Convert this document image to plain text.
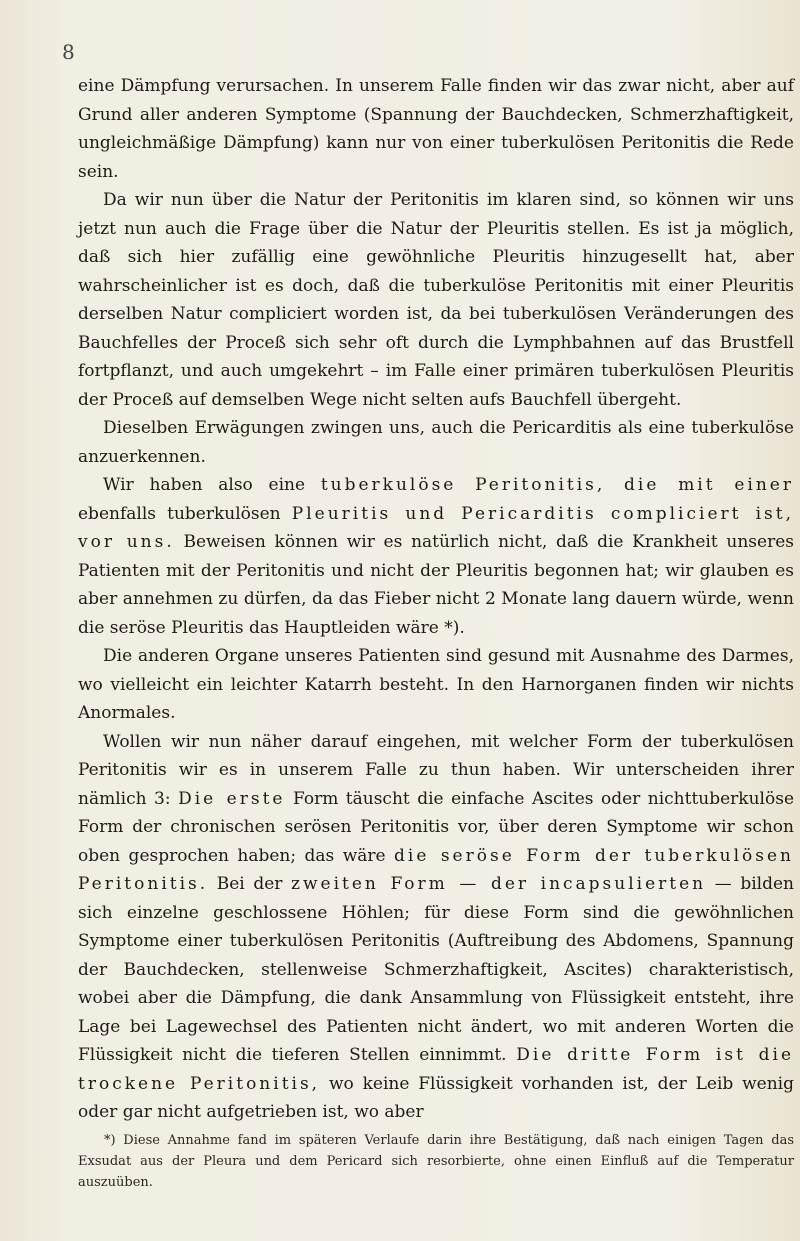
8

eine Dämpfung verursachen. In unserem Falle finden wir das zwar nicht, aber auf Grund aller anderen Symptome (Spannung der Bauchdecken, Schmerzhaftigkeit, ungleichmäßige Dämpfung) kann nur von einer tuberkulösen Peritonitis die Rede sein.

Da wir nun über die Natur der Peritonitis im klaren sind, so können wir uns jetzt nun auch die Frage über die Natur der Pleuritis stellen. Es ist ja möglich, daß sich hier zufällig eine gewöhnliche Pleuritis hinzugesellt hat, aber wahrscheinlicher ist es doch, daß die tuberkulöse Peritonitis mit einer Pleuritis derselben Natur compliciert worden ist, da bei tuberkulösen Veränderungen des Bauchfelles der Proceß sich sehr oft durch die Lymphbahnen auf das Brustfell fortpflanzt, und auch umgekehrt – im Falle einer primären tuberkulösen Pleuritis der Proceß auf demselben Wege nicht selten aufs Bauchfell übergeht.

Dieselben Erwägungen zwingen uns, auch die Pericarditis als eine tuberkulöse anzuerkennen.

Wir haben also eine tuberkulöse Peritonitis, die mit einer ebenfalls tuberkulösen Pleuritis und Pericarditis compliciert ist, vor uns. Beweisen können wir es natürlich nicht, daß die Krankheit unseres Patienten mit der Peritonitis und nicht der Pleuritis begonnen hat; wir glauben es aber annehmen zu dürfen, da das Fieber nicht 2 Monate lang dauern würde, wenn die seröse Pleuritis das Hauptleiden wäre *).

Die anderen Organe unseres Patienten sind gesund mit Ausnahme des Darmes, wo vielleicht ein leichter Katarrh besteht. In den Harnorganen finden wir nichts Anormales.

Wollen wir nun näher darauf eingehen, mit welcher Form der tuberkulösen Peritonitis wir es in unserem Falle zu thun haben. Wir unterscheiden ihrer nämlich 3: Die erste Form täuscht die einfache Ascites oder nichttuberkulöse Form der chronischen serösen Peritonitis vor, über deren Symptome wir schon oben gesprochen haben; das wäre die seröse Form der tuberkulösen Peritonitis. Bei der zweiten Form — der incapsulierten — bilden sich einzelne geschlossene Höhlen; für diese Form sind die gewöhnlichen Symptome einer tuberkulösen Peritonitis (Auftreibung des Abdomens, Spannung der Bauchdecken, stellenweise Schmerzhaftigkeit, Ascites) charakteristisch, wobei aber die Dämpfung, die dank Ansammlung von Flüssigkeit entsteht, ihre Lage bei Lagewechsel des Patienten nicht ändert, wo mit anderen Worten die Flüssigkeit nicht die tieferen Stellen einnimmt. Die dritte Form ist die trockene Peritonitis, wo keine Flüssigkeit vorhanden ist, der Leib wenig oder gar nicht aufgetrieben ist, wo aber

*) Diese Annahme fand im späteren Verlaufe darin ihre Bestätigung, daß nach einigen Tagen das Exsudat aus der Pleura und dem Pericard sich resorbierte, ohne einen Einfluß auf die Temperatur auszuüben.
